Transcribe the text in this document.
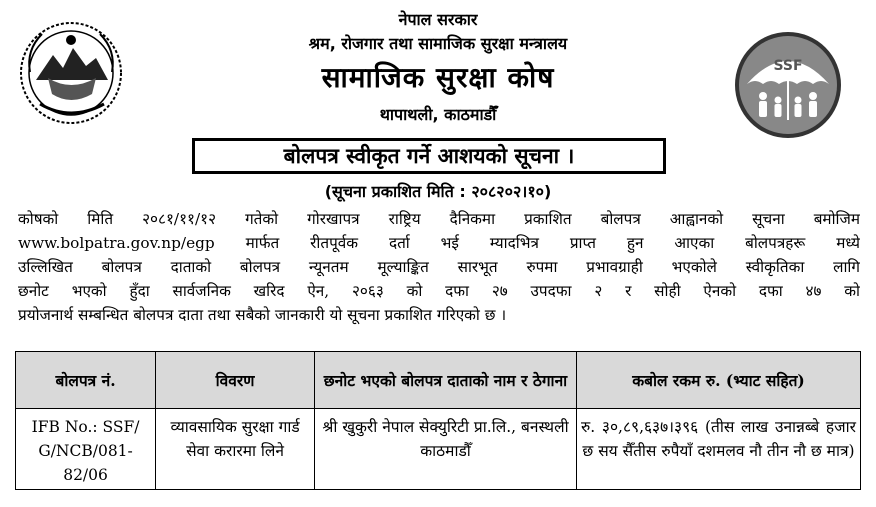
नेपाल सरकार
श्रम, रोजगार तथा सामाजिक सुरक्षा मन्त्रालय
सामाजिक सुरक्षा कोष
थापाथली, काठमाडौँ
SSF
बोलपत्र स्वीकृत गर्ने आशयको सूचना ।
(सूचना प्रकाशित मिति : २०८२०२।१०)
कोषको मिति २०८१/११/१२ गतेको गोरखापत्र राष्ट्रिय दैनिकमा प्रकाशित बोलपत्र आह्वानको सूचना बमोजिम
www.bolpatra.gov.np/egp मार्फत रीतपूर्वक दर्ता भई म्यादभित्र प्राप्त हुन आएका बोलपत्रहरू मध्ये
उल्लिखित बोलपत्र दाताको बोलपत्र न्यूनतम मूल्याङ्कित सारभूत रुपमा प्रभावग्राही भएकोले स्वीकृतिका लागि
छनोट भएको हुँदा सार्वजनिक खरिद ऐन, २०६३ को दफा २७ उपदफा २ र सोही ऐनको दफा ४७ को
प्रयोजनार्थ सम्बन्धित बोलपत्र दाता तथा सबैको जानकारी यो सूचना प्रकाशित गरिएको छ ।
बोलपत्र नं.	विवरण	छनोट भएको बोलपत्र दाताको नाम र ठेगाना	कबोल रकम रु. (भ्याट सहित)
IFB No.: SSF/ G/NCB/081-82/06	व्यावसायिक सुरक्षा गार्ड सेवा करारमा लिने	श्री खुकुरी नेपाल सेक्युरिटी प्रा.लि., बनस्थली काठमाडौँ	रु. ३०,८९,६३७।३९६ (तीस लाख उनान्नब्बे हजार छ सय सैँतीस रुपैयाँ दशमलव नौ तीन नौ छ मात्र)
